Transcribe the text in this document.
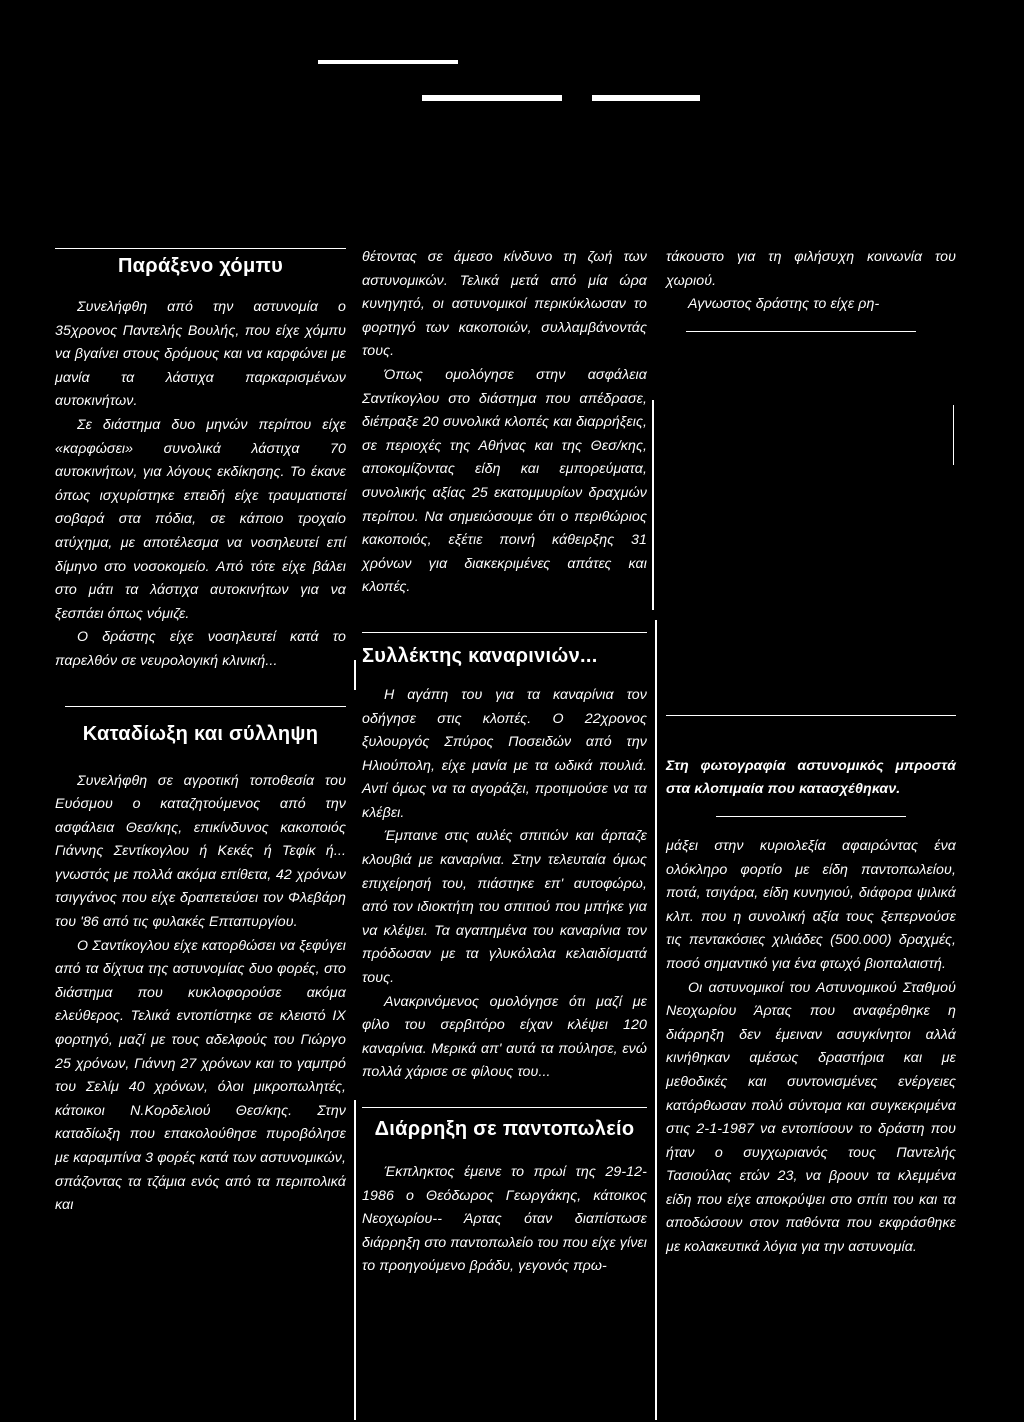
Παράξενο χόμπυ

Συνελήφθη από την αστυνομία ο 35χρονος Παντελής Βουλής, που είχε χόμπυ να βγαίνει στους δρόμους και να καρφώνει με μανία τα λάστιχα παρκαρισμένων αυτοκινήτων.

Σε διάστημα δυο μηνών περίπου είχε «καρφώσει» συνολικά λάστιχα 70 αυτοκινήτων, για λόγους εκδίκησης. Το έκανε όπως ισχυρίστηκε επειδή είχε τραυματιστεί σοβαρά στα πόδια, σε κάποιο τροχαίο ατύχημα, με αποτέλεσμα να νοσηλευτεί επί δίμηνο στο νοσοκομείο. Από τότε είχε βάλει στο μάτι τα λάστιχα αυτοκινήτων για να ξεσπάει όπως νόμιζε.

Ο δράστης είχε νοσηλευτεί κατά το παρελθόν σε νευρολογική κλινική...

Καταδίωξη και σύλληψη

Συνελήφθη σε αγροτική τοποθεσία του Ευόσμου ο καταζητούμενος από την ασφάλεια Θεσ/κης, επικίνδυνος κακοποιός Γιάννης Σεντίκογλου ή Κεκές ή Τεφίκ ή... γνωστός με πολλά ακόμα επίθετα, 42 χρόνων τσιγγάνος που είχε δραπετεύσει τον Φλεβάρη του '86 από τις φυλακές Επταπυργίου.

Ο Σαντίκογλου είχε κατορθώσει να ξεφύγει από τα δίχτυα της αστυνομίας δυο φορές, στο διάστημα που κυκλοφορούσε ακόμα ελεύθερος. Τελικά εντοπίστηκε σε κλειστό ΙΧ φορτηγό, μαζί με τους αδελφούς του Γιώργο 25 χρόνων, Γιάννη 27 χρόνων και το γαμπρό του Σελίμ 40 χρόνων, όλοι μικροπωλητές, κάτοικοι Ν.Κορδελιού Θεσ/κης. Στην καταδίωξη που επακολούθησε πυροβόλησε με καραμπίνα 3 φορές κατά των αστυνομικών, σπάζοντας τα τζάμια ενός από τα περιπολικά και

θέτοντας σε άμεσο κίνδυνο τη ζωή των αστυνομικών. Τελικά μετά από μία ώρα κυνηγητό, οι αστυνομικοί περικύκλωσαν το φορτηγό των κακοποιών, συλλαμβάνοντάς τους.

Όπως ομολόγησε στην ασφάλεια Σαντίκογλου στο διάστημα που απέδρασε, διέπραξε 20 συνολικά κλοπές και διαρρήξεις, σε περιοχές της Αθήνας και της Θεσ/κης, απoκομίζοντας είδη και εμπορεύματα, συνολικής αξίας 25 εκατομμυρίων δραχμών περίπου. Να σημειώσουμε ότι ο περιθώριος κακοποιός, εξέτιε ποινή κάθειρξης 31 χρόνων για διακεκριμένες απάτες και κλοπές.

Συλλέκτης καναρινιών...

Η αγάπη του για τα καναρίνια τον οδήγησε στις κλοπές. Ο 22χρονος ξυλουργός Σπύρος Ποσειδών από την Ηλιούπολη, είχε μανία με τα ωδικά πουλιά. Αντί όμως να τα αγοράζει, προτιμούσε να τα κλέβει.

Έμπαινε στις αυλές σπιτιών και άρπαζε κλουβιά με καναρίνια. Στην τελευταία όμως επιχείρησή του, πιάστηκε επ' αυτοφώρω, από τον ιδιοκτήτη του σπιτιού που μπήκε για να κλέψει. Τα αγαπημένα του καναρίνια τον πρόδωσαν με τα γλυκόλαλα κελαιδίσματά τους.

Ανακρινόμενος ομολόγησε ότι μαζί με φίλο του σερβιτόρο είχαν κλέψει 120 καναρίνια. Μερικά απ' αυτά τα πούλησε, ενώ πολλά χάρισε σε φίλους του...

Διάρρηξη σε παντοπωλείο

Έκπληκτος έμεινε το πρωί της 29-12-1986 ο Θεόδωρος Γεωργάκης, κάτοικος Νεοχωρίου-- Άρτας όταν διαπίστωσε διάρρηξη στο παντοπωλείο του που είχε γίνει το προηγούμενο βράδυ, γεγονός πρω-

τάκουστο για τη φιλήσυχη κοινωνία του χωριού.

Αγνωστος δράστης το είχε ρη-

Στη φωτογραφία αστυνομικός μπροστά στα κλοπιμαία που κατασχέθηκαν.

μάξει στην κυριολεξία αφαιρώντας ένα ολόκληρο φορτίο με είδη παντοπωλείου, ποτά, τσιγάρα, είδη κυνηγιού, διάφορα ψιλικά κλπ. που η συνολική αξία τους ξεπερνούσε τις πεντακόσιες χιλιάδες (500.000) δραχμές, ποσό σημαντικό για ένα φτωχό βιοπαλαιστή.

Οι αστυνομικοί του Αστυνομικού Σταθμού Νεοχωρίου Άρτας που αναφέρθηκε η διάρρηξη δεν έμειναν ασυγκίνητοι αλλά κινήθηκαν αμέσως δραστήρια και με μεθοδικές και συντονισμένες ενέργειες κατόρθωσαν πολύ σύντομα και συγκεκριμένα στις 2-1-1987 να εντοπίσουν το δράστη που ήταν ο συγχωριανός τους Παντελής Τασιούλας ετών 23, να βρουν τα κλεμμένα είδη που είχε αποκρύψει στο σπίτι του και τα αποδώσουν στον παθόντα που εκφράσθηκε με κολακευτικά λόγια για την αστυνομία.
